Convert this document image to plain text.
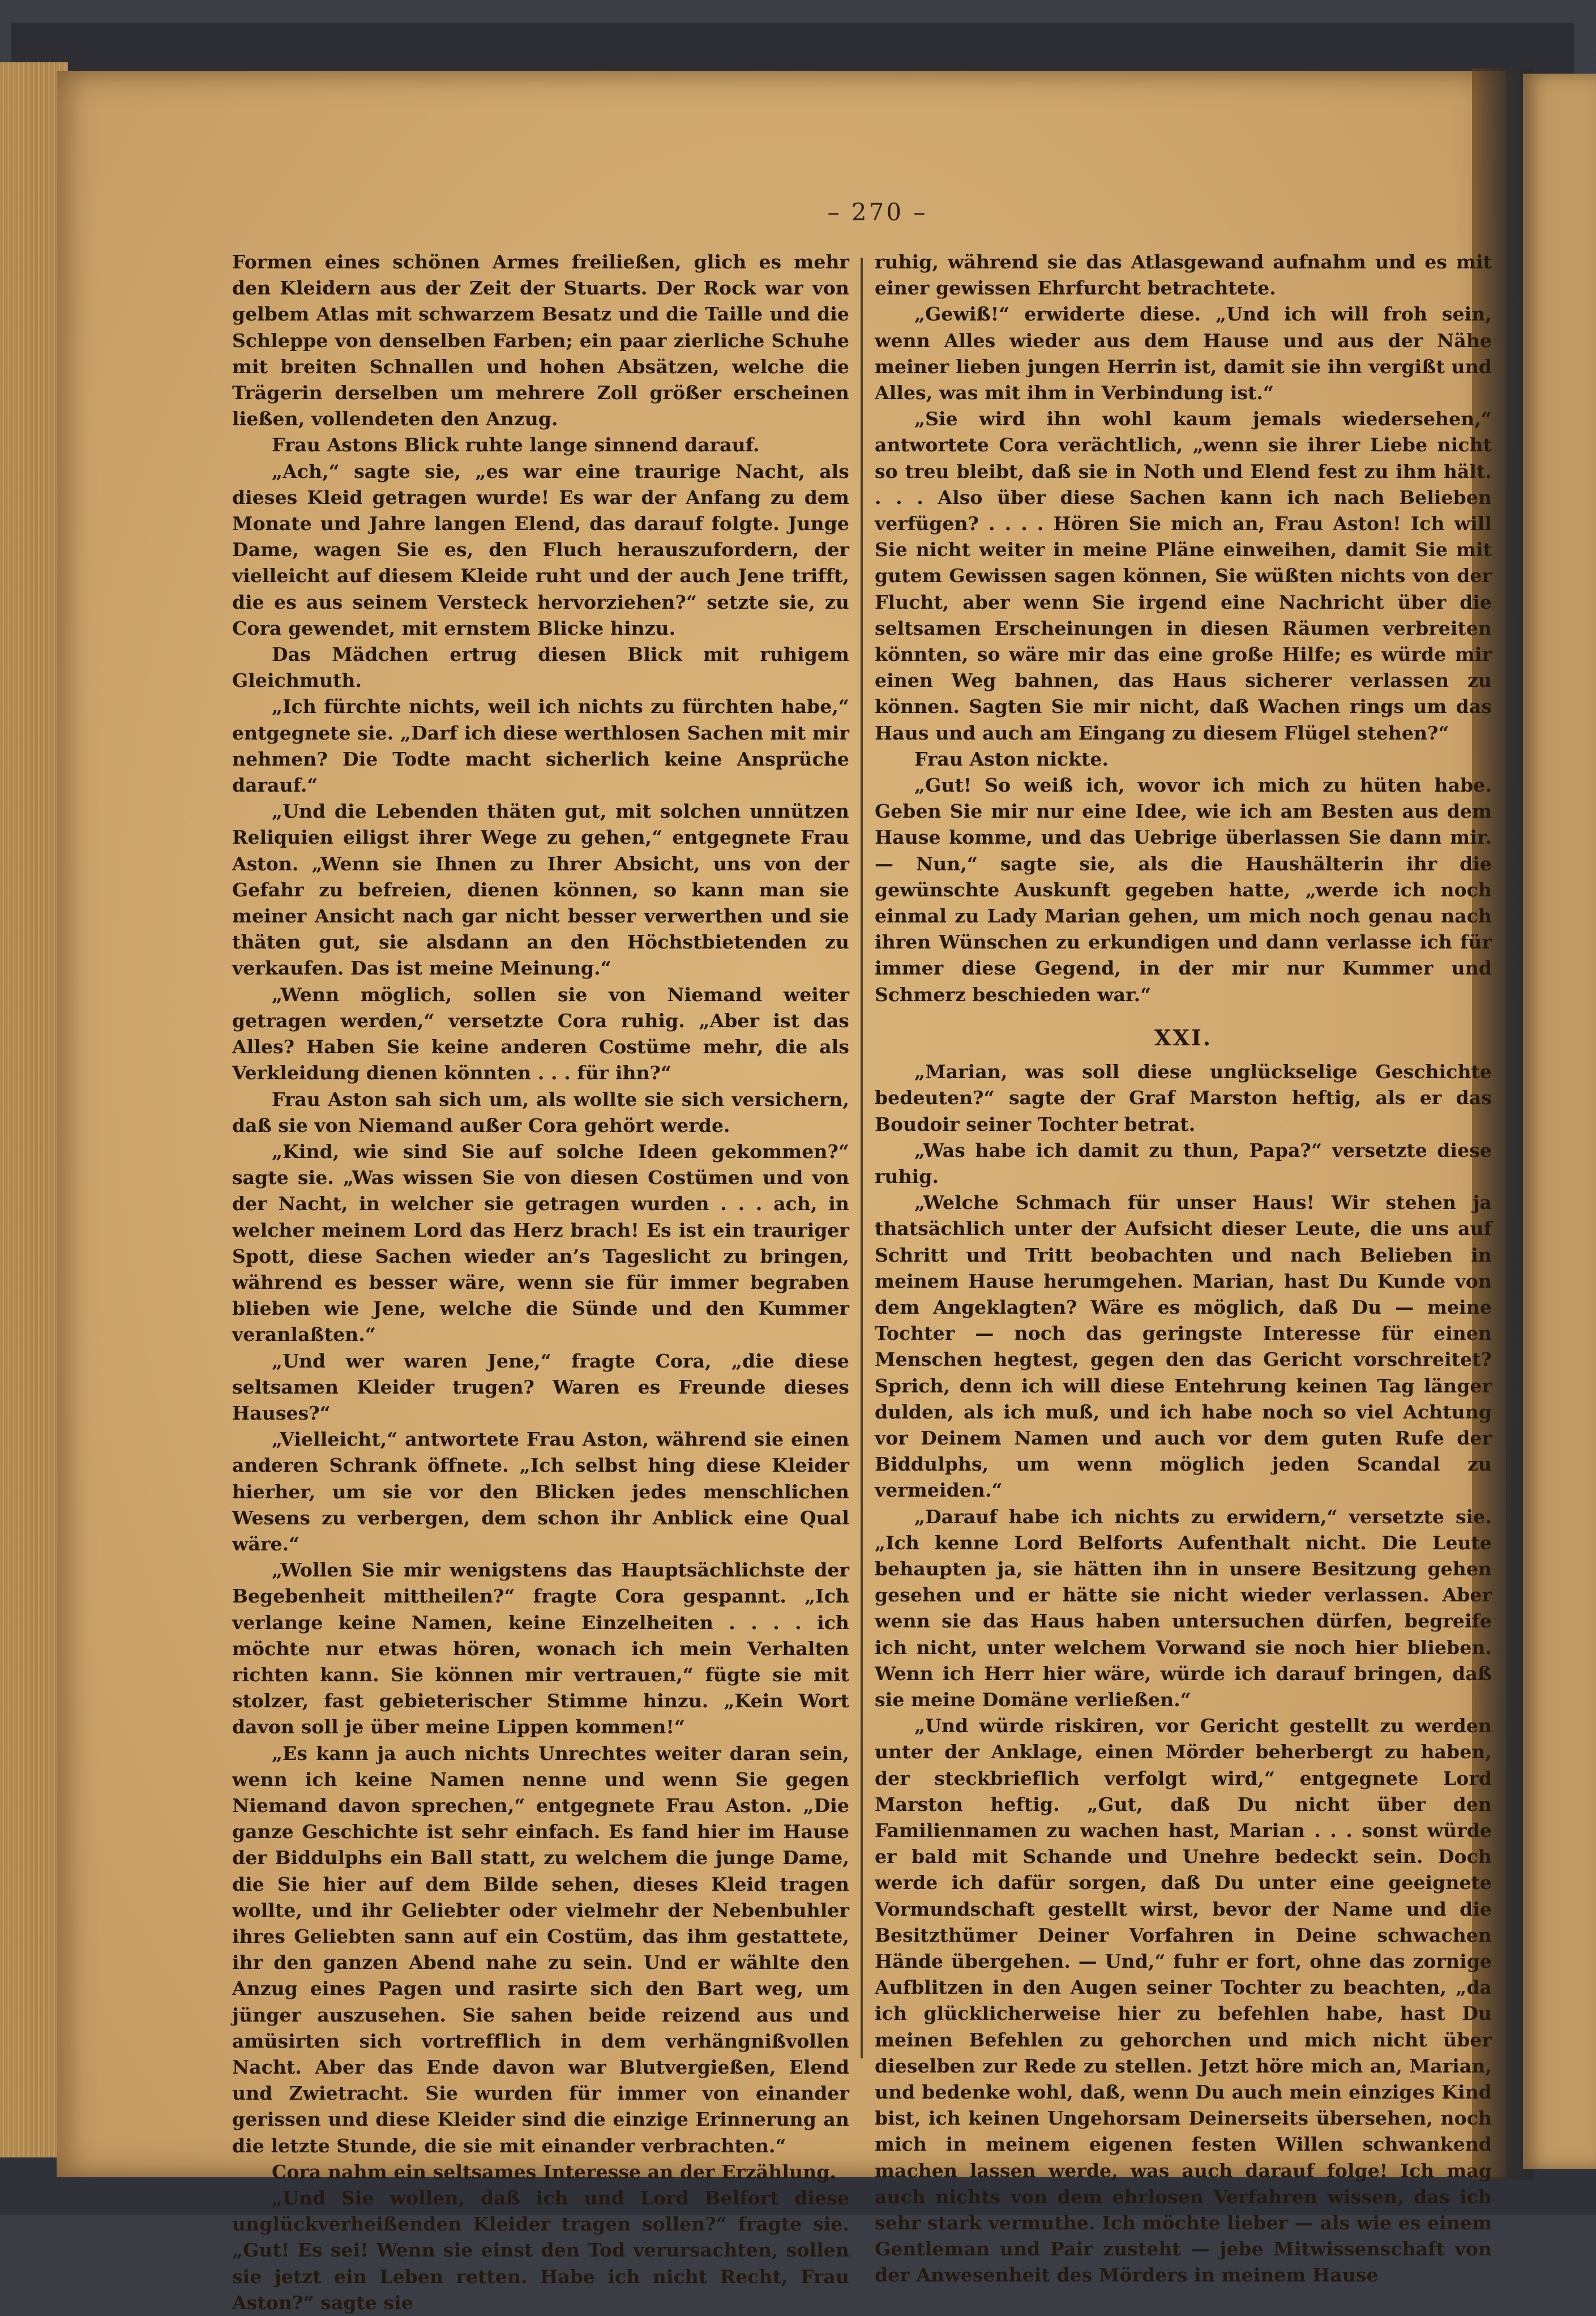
– 270 –

Formen eines schönen Armes freiließen, glich es mehr den Kleidern aus der Zeit der Stuarts. Der Rock war von gelbem Atlas mit schwarzem Besatz und die Taille und die Schleppe von denselben Farben; ein paar zierliche Schuhe mit breiten Schnallen und hohen Absätzen, welche die Trägerin derselben um mehrere Zoll größer erscheinen ließen, vollendeten den Anzug.

Frau Astons Blick ruhte lange sinnend darauf.

„Ach,“ sagte sie, „es war eine traurige Nacht, als dieses Kleid getragen wurde! Es war der Anfang zu dem Monate und Jahre langen Elend, das darauf folgte. Junge Dame, wagen Sie es, den Fluch herauszufordern, der vielleicht auf diesem Kleide ruht und der auch Jene trifft, die es aus seinem Versteck hervorziehen?“ setzte sie, zu Cora gewendet, mit ernstem Blicke hinzu.

Das Mädchen ertrug diesen Blick mit ruhigem Gleichmuth.

„Ich fürchte nichts, weil ich nichts zu fürchten habe,“ entgegnete sie. „Darf ich diese werthlosen Sachen mit mir nehmen? Die Todte macht sicherlich keine Ansprüche darauf.“

„Und die Lebenden thäten gut, mit solchen unnützen Reliquien eiligst ihrer Wege zu gehen,“ entgegnete Frau Aston. „Wenn sie Ihnen zu Ihrer Absicht, uns von der Gefahr zu befreien, dienen können, so kann man sie meiner Ansicht nach gar nicht besser verwerthen und sie thäten gut, sie alsdann an den Höchstbietenden zu verkaufen. Das ist meine Meinung.“

„Wenn möglich, sollen sie von Niemand weiter getragen werden,“ versetzte Cora ruhig. „Aber ist das Alles? Haben Sie keine anderen Costüme mehr, die als Verkleidung dienen könnten . . . für ihn?“

Frau Aston sah sich um, als wollte sie sich versichern, daß sie von Niemand außer Cora gehört werde.

„Kind, wie sind Sie auf solche Ideen gekommen?“ sagte sie. „Was wissen Sie von diesen Costümen und von der Nacht, in welcher sie getragen wurden . . . ach, in welcher meinem Lord das Herz brach! Es ist ein trauriger Spott, diese Sachen wieder an’s Tageslicht zu bringen, während es besser wäre, wenn sie für immer begraben blieben wie Jene, welche die Sünde und den Kummer veranlaßten.“

„Und wer waren Jene,“ fragte Cora, „die diese seltsamen Kleider trugen? Waren es Freunde dieses Hauses?“

„Vielleicht,“ antwortete Frau Aston, während sie einen anderen Schrank öffnete. „Ich selbst hing diese Kleider hierher, um sie vor den Blicken jedes menschlichen Wesens zu verbergen, dem schon ihr Anblick eine Qual wäre.“

„Wollen Sie mir wenigstens das Hauptsächlichste der Begebenheit mittheilen?“ fragte Cora gespannt. „Ich verlange keine Namen, keine Einzelheiten . . . . ich möchte nur etwas hören, wonach ich mein Verhalten richten kann. Sie können mir vertrauen,“ fügte sie mit stolzer, fast gebieterischer Stimme hinzu. „Kein Wort davon soll je über meine Lippen kommen!“

„Es kann ja auch nichts Unrechtes weiter daran sein, wenn ich keine Namen nenne und wenn Sie gegen Niemand davon sprechen,“ entgegnete Frau Aston. „Die ganze Geschichte ist sehr einfach. Es fand hier im Hause der Biddulphs ein Ball statt, zu welchem die junge Dame, die Sie hier auf dem Bilde sehen, dieses Kleid tragen wollte, und ihr Geliebter oder vielmehr der Nebenbuhler ihres Geliebten sann auf ein Costüm, das ihm gestattete, ihr den ganzen Abend nahe zu sein. Und er wählte den Anzug eines Pagen und rasirte sich den Bart weg, um jünger auszusehen. Sie sahen beide reizend aus und amüsirten sich vortrefflich in dem verhängnißvollen Nacht. Aber das Ende davon war Blutvergießen, Elend und Zwietracht. Sie wurden für immer von einander gerissen und diese Kleider sind die einzige Erinnerung an die letzte Stunde, die sie mit einander verbrachten.“

Cora nahm ein seltsames Interesse an der Erzählung.

„Und Sie wollen, daß ich und Lord Belfort diese unglückverheißenden Kleider tragen sollen?“ fragte sie. „Gut! Es sei! Wenn sie einst den Tod verursachten, sollen sie jetzt ein Leben retten. Habe ich nicht Recht, Frau Aston?“ sagte sie

ruhig, während sie das Atlasgewand aufnahm und es mit einer gewissen Ehrfurcht betrachtete.

„Gewiß!“ erwiderte diese. „Und ich will froh sein, wenn Alles wieder aus dem Hause und aus der Nähe meiner lieben jungen Herrin ist, damit sie ihn vergißt und Alles, was mit ihm in Verbindung ist.“

„Sie wird ihn wohl kaum jemals wiedersehen,“ antwortete Cora verächtlich, „wenn sie ihrer Liebe nicht so treu bleibt, daß sie in Noth und Elend fest zu ihm hält. . . . Also über diese Sachen kann ich nach Belieben verfügen? . . . . Hören Sie mich an, Frau Aston! Ich will Sie nicht weiter in meine Pläne einweihen, damit Sie mit gutem Gewissen sagen können, Sie wüßten nichts von der Flucht, aber wenn Sie irgend eine Nachricht über die seltsamen Erscheinungen in diesen Räumen verbreiten könnten, so wäre mir das eine große Hilfe; es würde mir einen Weg bahnen, das Haus sicherer verlassen zu können. Sagten Sie mir nicht, daß Wachen rings um das Haus und auch am Eingang zu diesem Flügel stehen?“

Frau Aston nickte.

„Gut! So weiß ich, wovor ich mich zu hüten habe. Geben Sie mir nur eine Idee, wie ich am Besten aus dem Hause komme, und das Uebrige überlassen Sie dann mir. — Nun,“ sagte sie, als die Haushälterin ihr die gewünschte Auskunft gegeben hatte, „werde ich noch einmal zu Lady Marian gehen, um mich noch genau nach ihren Wünschen zu erkundigen und dann verlasse ich für immer diese Gegend, in der mir nur Kummer und Schmerz beschieden war.“

XXI.

„Marian, was soll diese unglückselige Geschichte bedeuten?“ sagte der Graf Marston heftig, als er das Boudoir seiner Tochter betrat.

„Was habe ich damit zu thun, Papa?“ versetzte diese ruhig.

„Welche Schmach für unser Haus! Wir stehen ja thatsächlich unter der Aufsicht dieser Leute, die uns auf Schritt und Tritt beobachten und nach Belieben in meinem Hause herumgehen. Marian, hast Du Kunde von dem Angeklagten? Wäre es möglich, daß Du — meine Tochter — noch das geringste Interesse für einen Menschen hegtest, gegen den das Gericht vorschreitet? Sprich, denn ich will diese Entehrung keinen Tag länger dulden, als ich muß, und ich habe noch so viel Achtung vor Deinem Namen und auch vor dem guten Rufe der Biddulphs, um wenn möglich jeden Scandal zu vermeiden.“

„Darauf habe ich nichts zu erwidern,“ versetzte sie. „Ich kenne Lord Belforts Aufenthalt nicht. Die Leute behaupten ja, sie hätten ihn in unsere Besitzung gehen gesehen und er hätte sie nicht wieder verlassen. Aber wenn sie das Haus haben untersuchen dürfen, begreife ich nicht, unter welchem Vorwand sie noch hier blieben. Wenn ich Herr hier wäre, würde ich darauf bringen, daß sie meine Domäne verließen.“

„Und würde riskiren, vor Gericht gestellt zu werden unter der Anklage, einen Mörder beherbergt zu haben, der steckbrieflich verfolgt wird,“ entgegnete Lord Marston heftig. „Gut, daß Du nicht über den Familiennamen zu wachen hast, Marian . . . sonst würde er bald mit Schande und Unehre bedeckt sein. Doch werde ich dafür sorgen, daß Du unter eine geeignete Vormundschaft gestellt wirst, bevor der Name und die Besitzthümer Deiner Vorfahren in Deine schwachen Hände übergehen. — Und,“ fuhr er fort, ohne das zornige Aufblitzen in den Augen seiner Tochter zu beachten, „da ich glücklicherweise hier zu befehlen habe, hast Du meinen Befehlen zu gehorchen und mich nicht über dieselben zur Rede zu stellen. Jetzt höre mich an, Marian, und bedenke wohl, daß, wenn Du auch mein einziges Kind bist, ich keinen Ungehorsam Deinerseits übersehen, noch mich in meinem eigenen festen Willen schwankend machen lassen werde, was auch darauf folge! Ich mag auch nichts von dem ehrlosen Verfahren wissen, das ich sehr stark vermuthe. Ich möchte lieber — als wie es einem Gentleman und Pair zusteht — jebe Mitwissenschaft von der Anwesenheit des Mörders in meinem Hause
